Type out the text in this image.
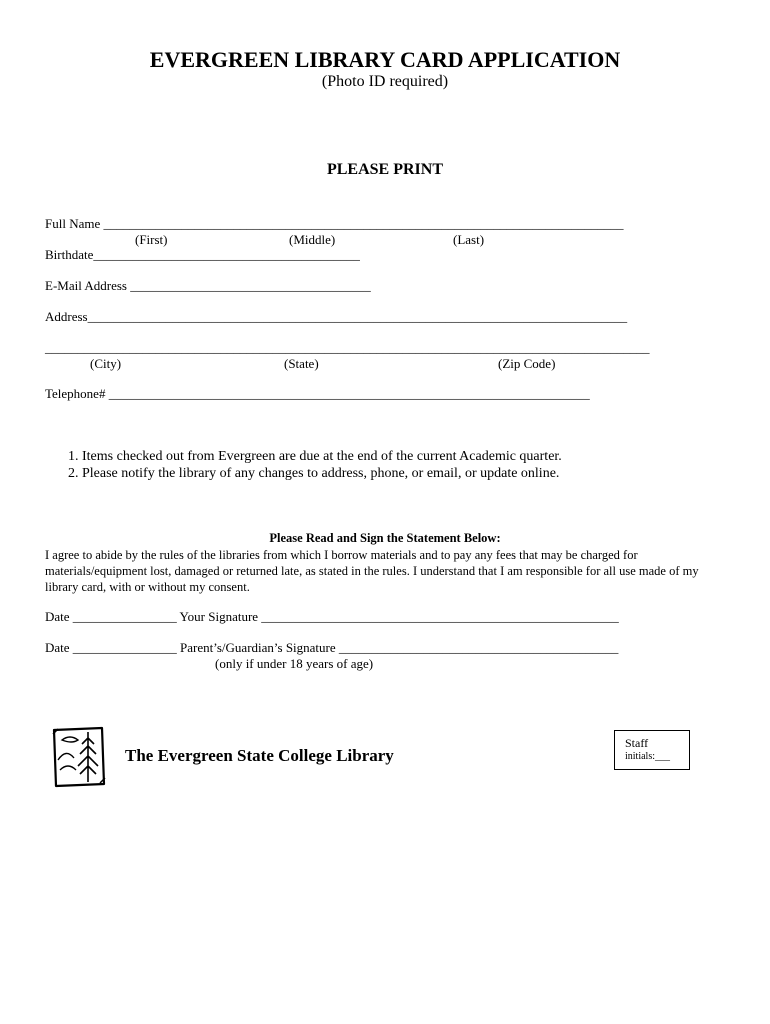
EVERGREEN LIBRARY CARD APPLICATION
(Photo ID required)
PLEASE PRINT
Full Name ________________________________________________________________________________
(First)	(Middle)	(Last)
Birthdate_________________________________________
E-Mail Address _____________________________________
Address___________________________________________________________________________________
_____________________________________________________________________________________________
(City)	(State)	(Zip Code)
Telephone# __________________________________________________________________________
1. Items checked out from Evergreen are due at the end of the current Academic quarter.
2. Please notify the library of any changes to address, phone, or email, or update online.
Please Read and Sign the Statement Below:
I agree to abide by the rules of the libraries from which I borrow materials and to pay any fees that may be charged for materials/equipment lost, damaged or returned late, as stated in the rules. I understand that I am responsible for all use made of my library card, with or without my consent.
Date ________________ Your Signature _______________________________________________________
Date ________________ Parent’s/Guardian’s Signature ___________________________________________
(only if under 18 years of age)
The Evergreen State College Library
Staff
initials:___
